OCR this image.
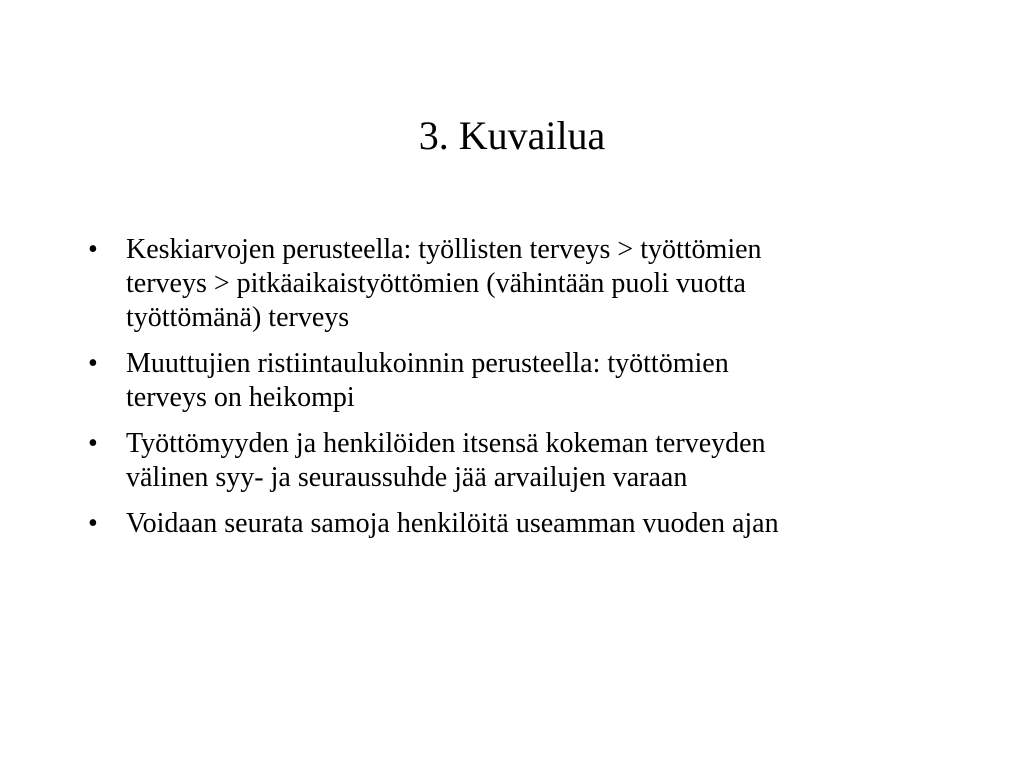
3. Kuvailua
•	Keskiarvojen perusteella: työllisten terveys > työttömien
terveys > pitkäaikaistyöttömien (vähintään puoli vuotta
työttömänä) terveys
•	Muuttujien ristiintaulukoinnin perusteella: työttömien
terveys on heikompi
•	Työttömyyden ja henkilöiden itsensä kokeman terveyden
välinen syy- ja seuraussuhde jää arvailujen varaan
•	Voidaan seurata samoja henkilöitä useamman vuoden ajan
